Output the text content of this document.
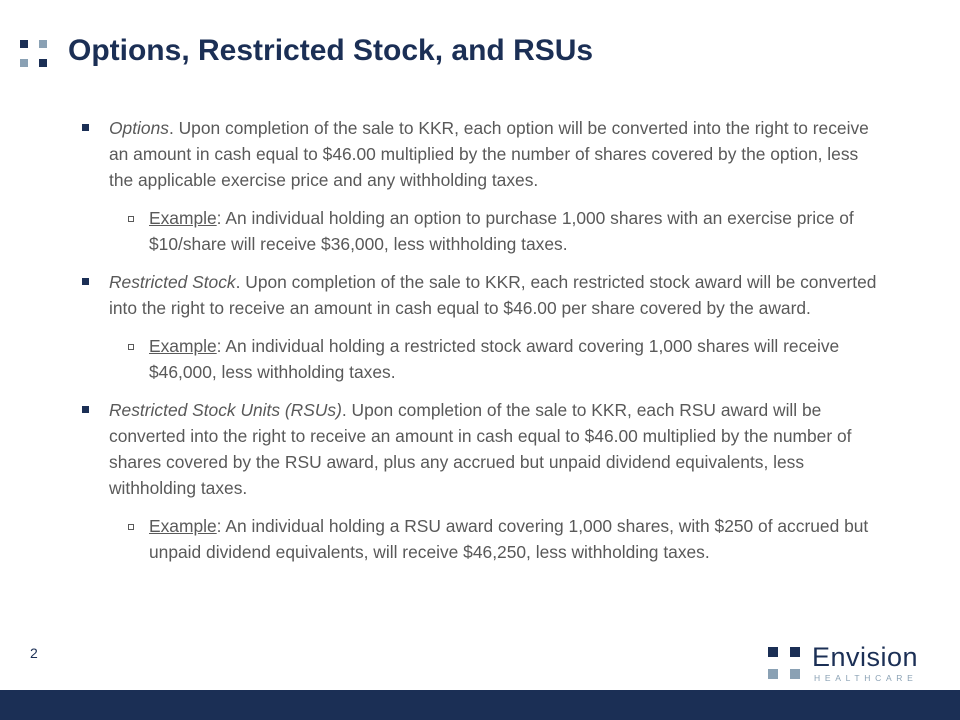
Options, Restricted Stock, and RSUs
Options. Upon completion of the sale to KKR, each option will be converted into the right to receive an amount in cash equal to $46.00 multiplied by the number of shares covered by the option, less the applicable exercise price and any withholding taxes.
Example: An individual holding an option to purchase 1,000 shares with an exercise price of $10/share will receive $36,000, less withholding taxes.
Restricted Stock. Upon completion of the sale to KKR, each restricted stock award will be converted into the right to receive an amount in cash equal to $46.00 per share covered by the award.
Example: An individual holding a restricted stock award covering 1,000 shares will receive $46,000, less withholding taxes.
Restricted Stock Units (RSUs). Upon completion of the sale to KKR, each RSU award will be converted into the right to receive an amount in cash equal to $46.00 multiplied by the number of shares covered by the RSU award, plus any accrued but unpaid dividend equivalents, less withholding taxes.
Example: An individual holding a RSU award covering 1,000 shares, with $250 of accrued but unpaid dividend equivalents, will receive $46,250, less withholding taxes.
2	Envision
HEALTHCARE
